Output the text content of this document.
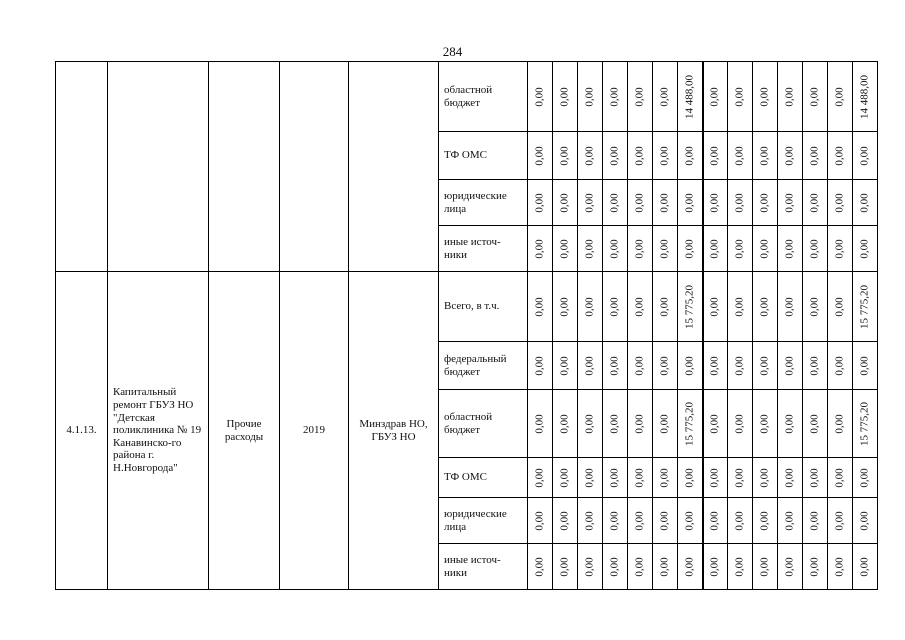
284
					областной бюджет	0,00	0,00	0,00	0,00	0,00	0,00	14 488,00	0,00	0,00	0,00	0,00	0,00	0,00	14 488,00

					ТФ ОМС	0,00	0,00	0,00	0,00	0,00	0,00	0,00	0,00	0,00	0,00	0,00	0,00	0,00	0,00

					юридические лица	0,00	0,00	0,00	0,00	0,00	0,00	0,00	0,00	0,00	0,00	0,00	0,00	0,00	0,00

					иные источ-ники	0,00	0,00	0,00	0,00	0,00	0,00	0,00	0,00	0,00	0,00	0,00	0,00	0,00	0,00

4.1.13.	Капитальный ремонт ГБУЗ НО "Детская поликлиника № 19 Канавинско-го района г. Н.Новгорода"	Прочие расходы	2019	Минздрав НО, ГБУЗ НО	Всего, в т.ч.	0,00	0,00	0,00	0,00	0,00	0,00	15 775,20	0,00	0,00	0,00	0,00	0,00	0,00	15 775,20

					федеральный бюджет	0,00	0,00	0,00	0,00	0,00	0,00	0,00	0,00	0,00	0,00	0,00	0,00	0,00	0,00

					областной бюджет	0,00	0,00	0,00	0,00	0,00	0,00	15 775,20	0,00	0,00	0,00	0,00	0,00	0,00	15 775,20

					ТФ ОМС	0,00	0,00	0,00	0,00	0,00	0,00	0,00	0,00	0,00	0,00	0,00	0,00	0,00	0,00

					юридические лица	0,00	0,00	0,00	0,00	0,00	0,00	0,00	0,00	0,00	0,00	0,00	0,00	0,00	0,00

					иные источ-ники	0,00	0,00	0,00	0,00	0,00	0,00	0,00	0,00	0,00	0,00	0,00	0,00	0,00	0,00
